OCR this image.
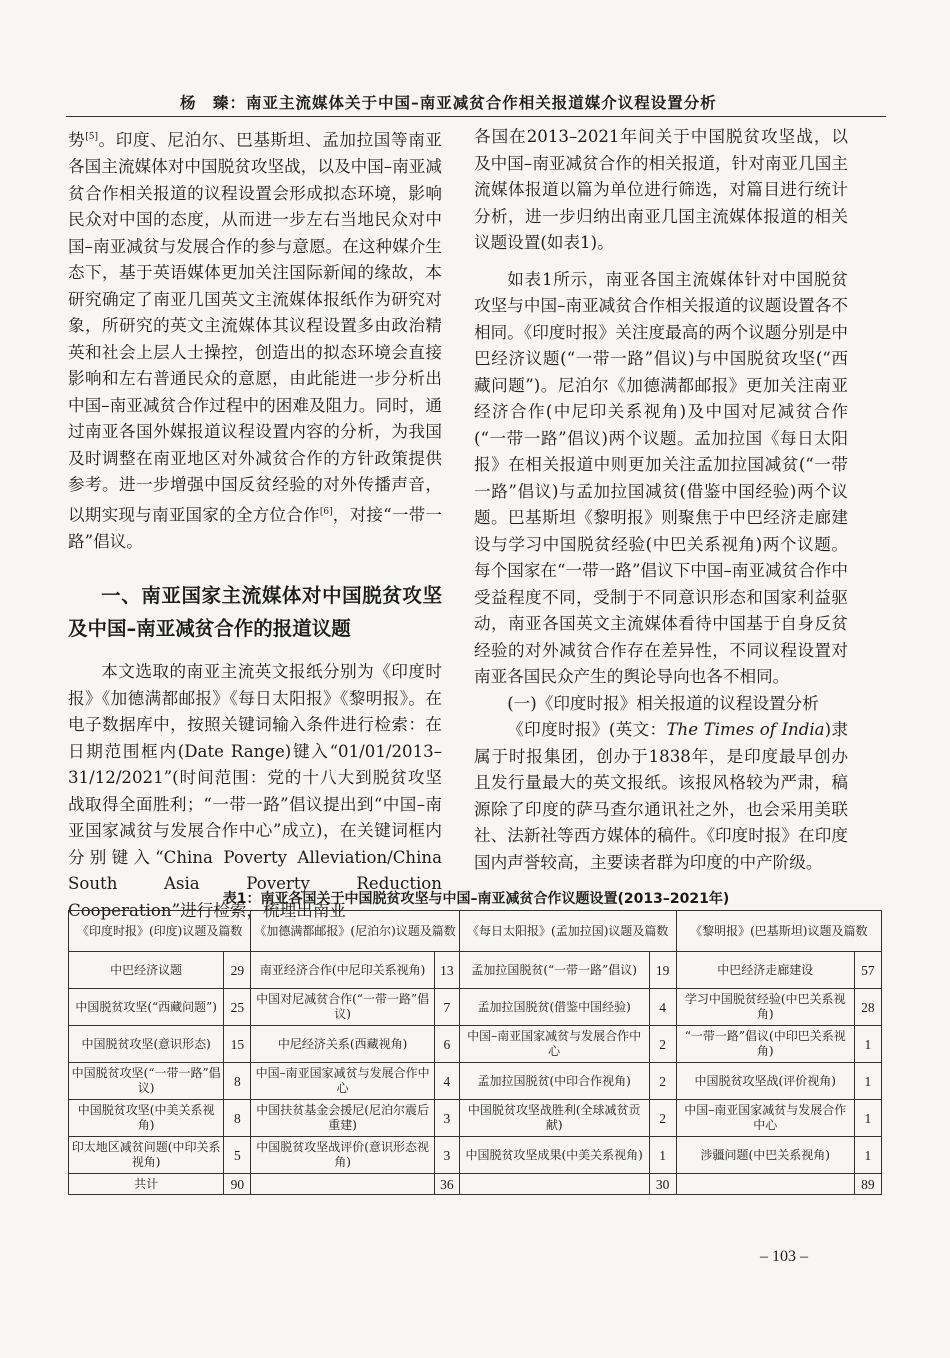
杨　臻：南亚主流媒体关于中国–南亚减贫合作相关报道媒介议程设置分析

势[5]。印度、尼泊尔、巴基斯坦、孟加拉国等南亚各国主流媒体对中国脱贫攻坚战，以及中国–南亚减贫合作相关报道的议程设置会形成拟态环境，影响民众对中国的态度，从而进一步左右当地民众对中国–南亚减贫与发展合作的参与意愿。在这种媒介生态下，基于英语媒体更加关注国际新闻的缘故，本研究确定了南亚几国英文主流媒体报纸作为研究对象，所研究的英文主流媒体其议程设置多由政治精英和社会上层人士操控，创造出的拟态环境会直接影响和左右普通民众的意愿，由此能进一步分析出中国–南亚减贫合作过程中的困难及阻力。同时，通过南亚各国外媒报道议程设置内容的分析，为我国及时调整在南亚地区对外减贫合作的方针政策提供参考。进一步增强中国反贫经验的对外传播声音，以期实现与南亚国家的全方位合作[6]，对接“一带一路”倡议。

一、南亚国家主流媒体对中国脱贫攻坚及中国–南亚减贫合作的报道议题

本文选取的南亚主流英文报纸分别为《印度时报》《加德满都邮报》《每日太阳报》《黎明报》。在电子数据库中，按照关键词输入条件进行检索：在日期范围框内(Date Range)键入“01/01/2013–31/12/2021”(时间范围：党的十八大到脱贫攻坚战取得全面胜利；“一带一路”倡议提出到“中国–南亚国家减贫与发展合作中心”成立)，在关键词框内分别键入“China Poverty Alleviation/China South Asia Poverty Reduction Cooperation”进行检索，梳理出南亚

各国在2013–2021年间关于中国脱贫攻坚战，以及中国–南亚减贫合作的相关报道，针对南亚几国主流媒体报道以篇为单位进行筛选，对篇目进行统计分析，进一步归纳出南亚几国主流媒体报道的相关议题设置(如表1)。

如表1所示，南亚各国主流媒体针对中国脱贫攻坚与中国–南亚减贫合作相关报道的议题设置各不相同。《印度时报》关注度最高的两个议题分别是中巴经济议题(“一带一路”倡议)与中国脱贫攻坚(“西藏问题”)。尼泊尔《加德满都邮报》更加关注南亚经济合作(中尼印关系视角)及中国对尼减贫合作(“一带一路”倡议)两个议题。孟加拉国《每日太阳报》在相关报道中则更加关注孟加拉国减贫(“一带一路”倡议)与孟加拉国减贫(借鉴中国经验)两个议题。巴基斯坦《黎明报》则聚焦于中巴经济走廊建设与学习中国脱贫经验(中巴关系视角)两个议题。每个国家在“一带一路”倡议下中国–南亚减贫合作中受益程度不同，受制于不同意识形态和国家利益驱动，南亚各国英文主流媒体看待中国基于自身反贫经验的对外减贫合作存在差异性，不同议程设置对南亚各国民众产生的舆论导向也各不相同。

(一)《印度时报》相关报道的议程设置分析

《印度时报》(英文：The Times of India)隶属于时报集团，创办于1838年，是印度最早创办且发行量最大的英文报纸。该报风格较为严肃，稿源除了印度的萨马查尔通讯社之外，也会采用美联社、法新社等西方媒体的稿件。《印度时报》在印度国内声誉较高，主要读者群为印度的中产阶级。

表1：南亚各国关于中国脱贫攻坚与中国–南亚减贫合作议题设置(2013–2021年)
《印度时报》(印度)议题及篇数		《加德满都邮报》(尼泊尔)议题及篇数		《每日太阳报》(孟加拉国)议题及篇数		《黎明报》(巴基斯坦)议题及篇数	
中巴经济议题	29	南亚经济合作(中尼印关系视角)	13	孟加拉国脱贫(“一带一路”倡议)	19	中巴经济走廊建设	57
中国脱贫攻坚(“西藏问题”)	25	中国对尼减贫合作(“一带一路”倡议)	7	孟加拉国脱贫(借鉴中国经验)	4	学习中国脱贫经验(中巴关系视角)	28
中国脱贫攻坚(意识形态)	15	中尼经济关系(西藏视角)	6	中国–南亚国家减贫与发展合作中心	2	“一带一路”倡议(中印巴关系视角)	1
中国脱贫攻坚(“一带一路”倡议)	8	中国–南亚国家减贫与发展合作中心	4	孟加拉国脱贫(中印合作视角)	2	中国脱贫攻坚战(评价视角)	1
中国脱贫攻坚(中美关系视角)	8	中国扶贫基金会援尼(尼泊尔震后重建)	3	中国脱贫攻坚战胜利(全球减贫贡献)	2	中国–南亚国家减贫与发展合作中心	1
印太地区减贫问题(中印关系视角)	5	中国脱贫攻坚战评价(意识形态视角)	3	中国脱贫攻坚成果(中美关系视角)	1	涉疆问题(中巴关系视角)	1
共计	90		36		30		89
– 103 –
